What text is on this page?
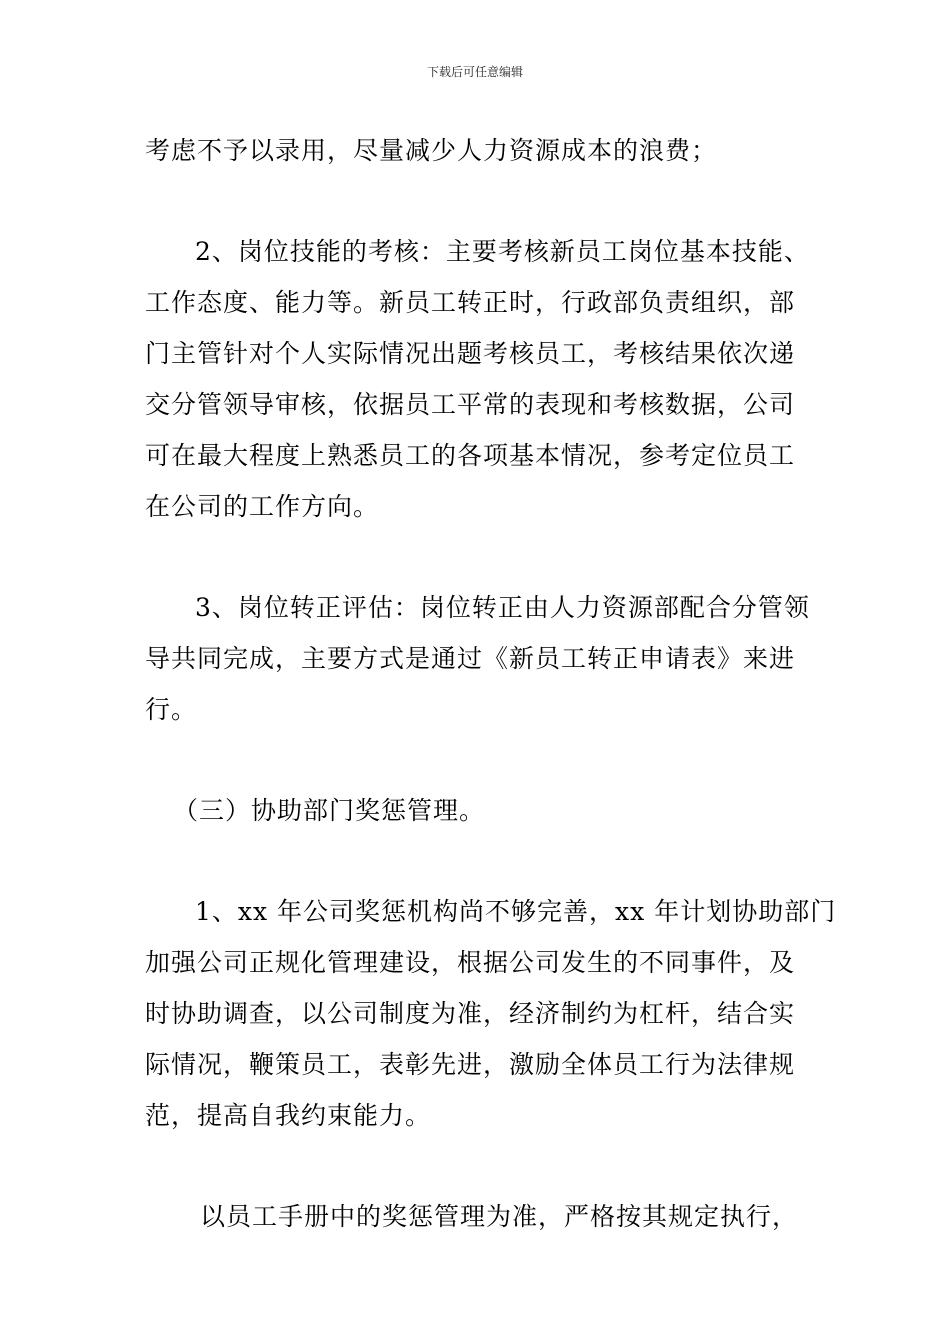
下载后可任意编辑

考虑不予以录用，尽量减少人力资源成本的浪费；

2、岗位技能的考核：主要考核新员工岗位基本技能、
工作态度、能力等。新员工转正时，行政部负责组织，部
门主管针对个人实际情况出题考核员工，考核结果依次递
交分管领导审核，依据员工平常的表现和考核数据，公司
可在最大程度上熟悉员工的各项基本情况，参考定位员工
在公司的工作方向。

3、岗位转正评估：岗位转正由人力资源部配合分管领
导共同完成，主要方式是通过《新员工转正申请表》来进
行。

（三）协助部门奖惩管理。

1、xx 年公司奖惩机构尚不够完善，xx 年计划协助部门
加强公司正规化管理建设，根据公司发生的不同事件，及
时协助调查，以公司制度为准，经济制约为杠杆，结合实
际情况，鞭策员工，表彰先进，激励全体员工行为法律规
范，提高自我约束能力。

以员工手册中的奖惩管理为准，严格按其规定执行，
